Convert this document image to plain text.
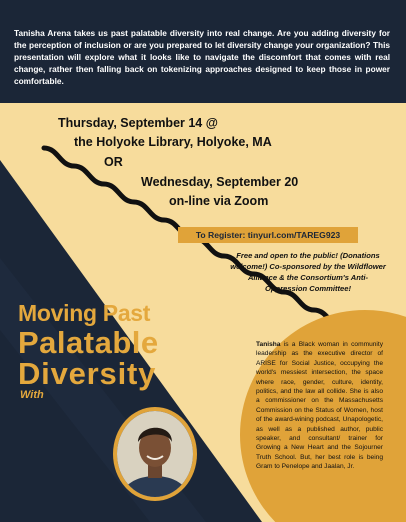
Tanisha Arena takes us past palatable diversity into real change. Are you adding diversity for the perception of inclusion or are you prepared to let diversity change your organization? This presentation will explore what it looks like to navigate the discomfort that comes with real change, rather then falling back on tokenizing approaches designed to keep those in power comfortable.

Thursday, September 14 @

the Holyoke Library, Holyoke, MA

OR

Wednesday, September 20

on-line via Zoom

To Register: tinyurl.com/TAREG923

Free and open to the public! (Donations
welcome!) Co-sponsored by the Wildflower
Alliance & the Consortium's Anti-
Oppression Committee!

Moving Past

Palatable

Diversity

With

Tanisha is a Black woman in community leadership as the executive director of ARISE for Social Justice, occupying the world's messiest intersection, the space where race, gender, culture, identity, politics, and the law all collide. She is also a commissioner on the Massachusetts Commission on the Status of Women, host of the award-wining podcast, Unapologetic, as well as a published author, public speaker, and consultant/ trainer for Growing a New Heart and the Sojourner Truth School. But, her best role is being Gram to Penelope and Jaalan, Jr.
